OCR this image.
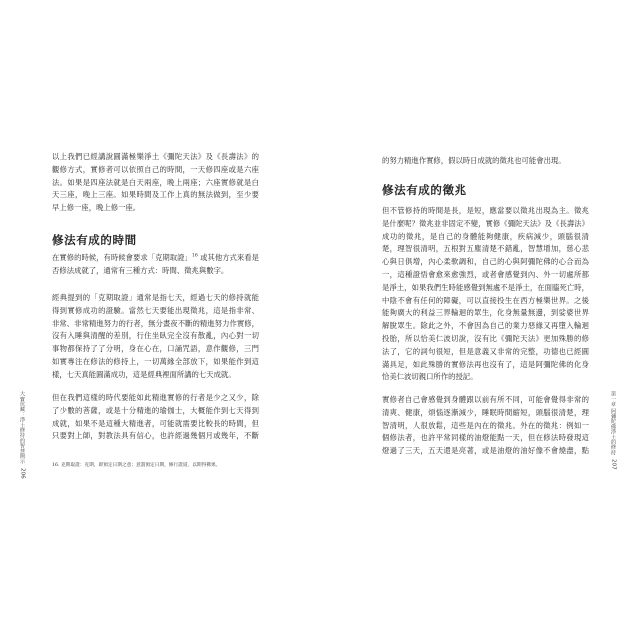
以上我們已經講說圓滿極樂淨土《彌陀天法》及《長壽法》的
觀修方式，實修者可以依照自己的時間，一天修四座或是六座
法。如果是四座法就是白天兩座，晚上兩座；六座實修就是白
天三座，晚上三座。如果時間及工作上真的無法做到，至少要
早上修一座，晚上修一座。
修法有成的時間
在實修的時候，有時候會要求「克期取證」$^{16}$ 或其他方式來看是
否修法成就了，通常有三種方式：時間、徵兆與數字。
經典提到的「克期取證」通常是指七天，經過七天的修持就能
得到實修成功的證驗。當然七天要能出現徵兆，這是指非常、
非常、非常精進努力的行者，無分晝夜不斷的精進努力作實修，
沒有入睡與清醒的差別，行住坐臥完全沒有散亂，內心對一切
事物都保持了了分明，身在心在，口誦咒語，意作觀修，三門
如實專注在修法的修持上，一切萬緣全部放下，如果能作到這
樣，七天真能圓滿成功，這是經典裡面所講的七天成就。
但在我們這樣的時代要能如此精進實修的行者是少之又少，除
了少數的菩薩，或是十分精進的瑜伽士，大概能作到七天得到
成就，如果不是這種大精進者，可能就需要比較長的時間，但
只要對上師，對教法具有信心，也許經過幾個月或幾年，不斷
16. 克期取證：克期，即預定日期之意；意謂預定日期，修行證道，以期得佛果。
大寶伏藏：淨土修持的智慧開示
206
的努力精進作實修，假以時日成就的徵兆也可能會出現。
修法有成的徵兆
但不管修持的時間是長，是短，應當要以徵兆出現為主。徵兆
是什麼呢？徵兆並非固定不變，實修《彌陀天法》及《長壽法》
成功的徵兆，是自己的身體能夠健康，疾病減少，頭腦很清
楚，理智很清明，五根對五塵清楚不錯亂，智慧增加，慈心悲
心與日俱增，內心柔軟調和，自己的心與阿彌陀佛的心合而為
一，這種證悟會愈來愈強烈，或者會感覺到內、外一切處所都
是淨土，如果我們生時能感覺到無處不是淨土，在面臨死亡時，
中陰不會有任何的障礙，可以直接投生在西方極樂世界。之後
能夠廣大的利益三界輪迴的眾生，化身無量無邊，到娑婆世界
解脫眾生。除此之外，不會因為自己的業力惡緣又再墮入輪迴
投胎，所以恰美仁波切說，沒有比《彌陀天法》更加殊勝的修
法了，它的詞句很短，但是意義又非常的完整，功德也已經圓
滿具足，如此殊勝的實修法再也沒有了，這是阿彌陀佛的化身
恰美仁波切親口所作的授記。
實修者自己會感覺到身體跟以前有所不同，可能會覺得非常的
清爽、健康，煩惱逐漸減少，睡眠時間縮短，頭腦很清楚，理
智清明，人很放鬆，這些是內在的徵兆。外在的徵兆：例如一
個修法者，也許平常同樣的油燈能點一天，但在修法時發現這
燈過了三天，五天還是亮著，或是油燈的油好像不會燒盡，點	第一章 阿彌陀佛淨土的修持
207
